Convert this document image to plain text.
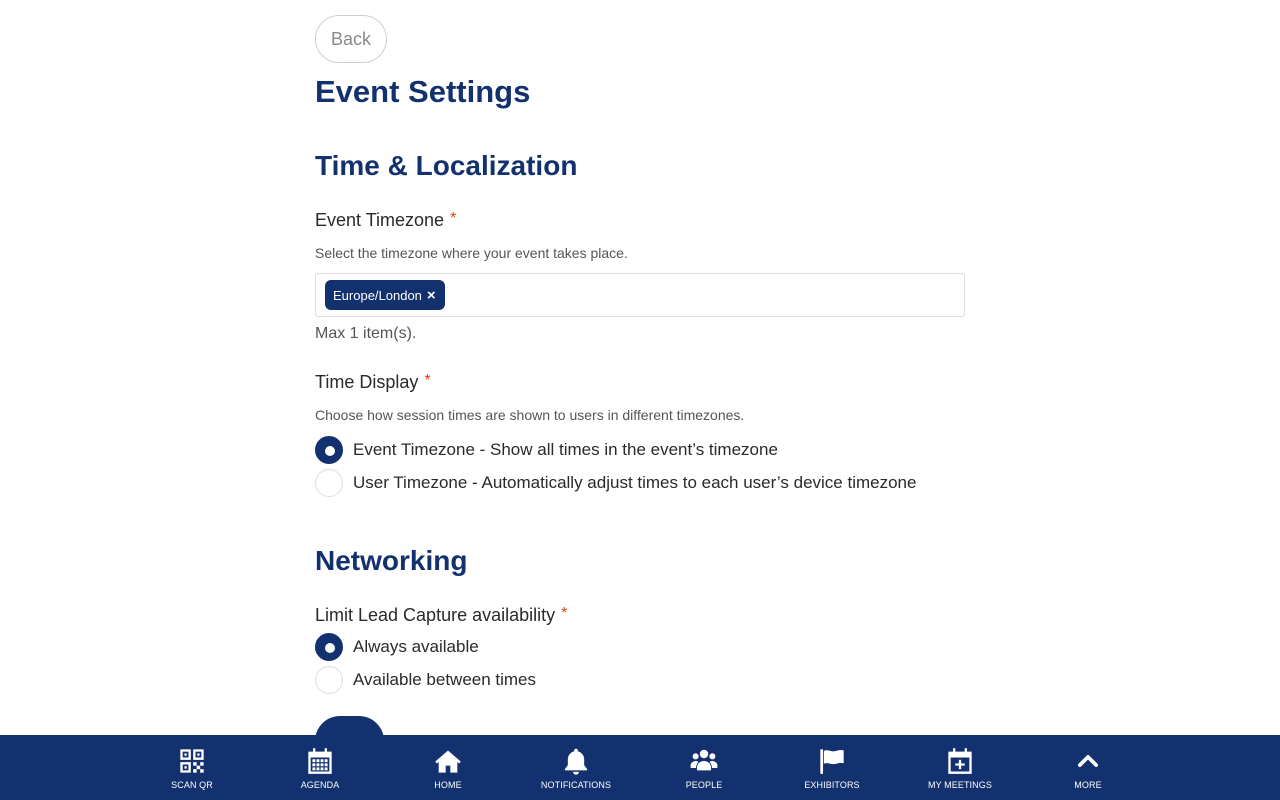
Back
Event Settings
Time & Localization
Event Timezone *
Select the timezone where your event takes place.
Europe/London ×
Max 1 item(s).
Time Display *
Choose how session times are shown to users in different timezones.
Event Timezone - Show all times in the event’s timezone
User Timezone - Automatically adjust times to each user’s device timezone
Networking
Limit Lead Capture availability *
Always available
Available between times
SCAN QR	AGENDA	HOME	NOTIFICATIONS	PEOPLE	EXHIBITORS	MY MEETINGS	MORE
